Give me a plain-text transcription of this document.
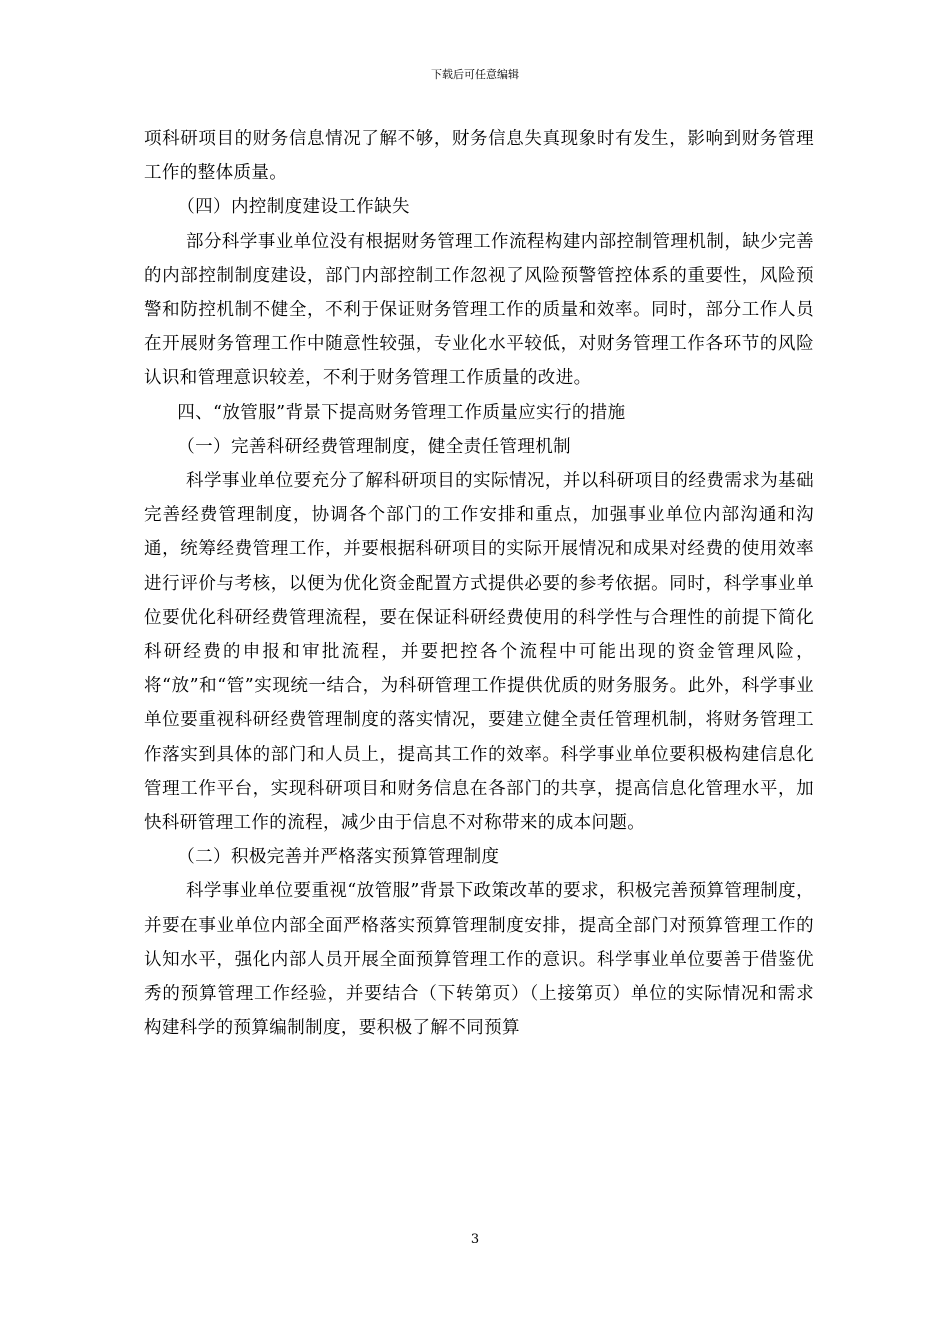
下载后可任意编辑

项科研项目的财务信息情况了解不够，财务信息失真现象时有发生，影响到财务管理工作的整体质量。

（四）内控制度建设工作缺失

部分科学事业单位没有根据财务管理工作流程构建内部控制管理机制，缺少完善的内部控制制度建设，部门内部控制工作忽视了风险预警管控体系的重要性，风险预警和防控机制不健全，不利于保证财务管理工作的质量和效率。同时，部分工作人员在开展财务管理工作中随意性较强，专业化水平较低，对财务管理工作各环节的风险认识和管理意识较差，不利于财务管理工作质量的改进。

四、“放管服”背景下提高财务管理工作质量应实行的措施

（一）完善科研经费管理制度，健全责任管理机制

科学事业单位要充分了解科研项目的实际情况，并以科研项目的经费需求为基础完善经费管理制度，协调各个部门的工作安排和重点，加强事业单位内部沟通和沟通，统筹经费管理工作，并要根据科研项目的实际开展情况和成果对经费的使用效率进行评价与考核，以便为优化资金配置方式提供必要的参考依据。同时，科学事业单位要优化科研经费管理流程，要在保证科研经费使用的科学性与合理性的前提下简化科研经费的申报和审批流程，并要把控各个流程中可能出现的资金管理风险，将“放”和“管”实现统一结合，为科研管理工作提供优质的财务服务。此外，科学事业单位要重视科研经费管理制度的落实情况，要建立健全责任管理机制，将财务管理工作落实到具体的部门和人员上，提高其工作的效率。科学事业单位要积极构建信息化管理工作平台，实现科研项目和财务信息在各部门的共享，提高信息化管理水平，加快科研管理工作的流程，减少由于信息不对称带来的成本问题。

（二）积极完善并严格落实预算管理制度

科学事业单位要重视“放管服”背景下政策改革的要求，积极完善预算管理制度，并要在事业单位内部全面严格落实预算管理制度安排，提高全部门对预算管理工作的认知水平，强化内部人员开展全面预算管理工作的意识。科学事业单位要善于借鉴优秀的预算管理工作经验，并要结合（下转第页）（上接第页）单位的实际情况和需求构建科学的预算编制制度，要积极了解不同预算

3
